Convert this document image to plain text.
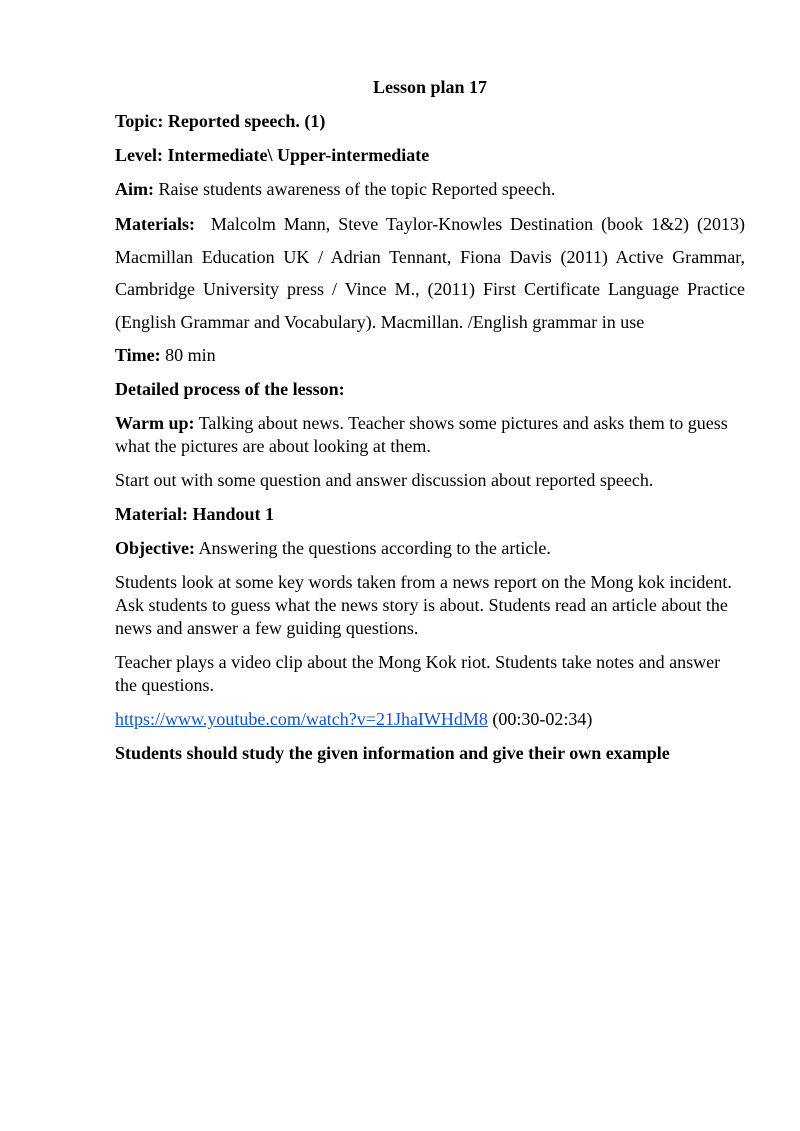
Lesson plan 17

Topic: Reported speech. (1)

Level: Intermediate\ Upper-intermediate

Aim: Raise students awareness of the topic Reported speech.

Materials:  Malcolm Mann, Steve Taylor-Knowles Destination (book 1&2) (2013) Macmillan Education UK / Adrian Tennant, Fiona Davis (2011) Active Grammar, Cambridge University press / Vince M., (2011) First Certificate Language Practice (English Grammar and Vocabulary). Macmillan. /English grammar in use

Time: 80 min

Detailed process of the lesson:

Warm up: Talking about news. Teacher shows some pictures and asks them to guess what the pictures are about looking at them.

Start out with some question and answer discussion about reported speech.

Material: Handout 1

Objective: Answering the questions according to the article.

Students look at some key words taken from a news report on the Mong kok incident. Ask students to guess what the news story is about. Students read an article about the news and answer a few guiding questions.

Teacher plays a video clip about the Mong Kok riot. Students take notes and answer the questions.

https://www.youtube.com/watch?v=21JhaIWHdM8 (00:30-02:34)

Students should study the given information and give their own example
